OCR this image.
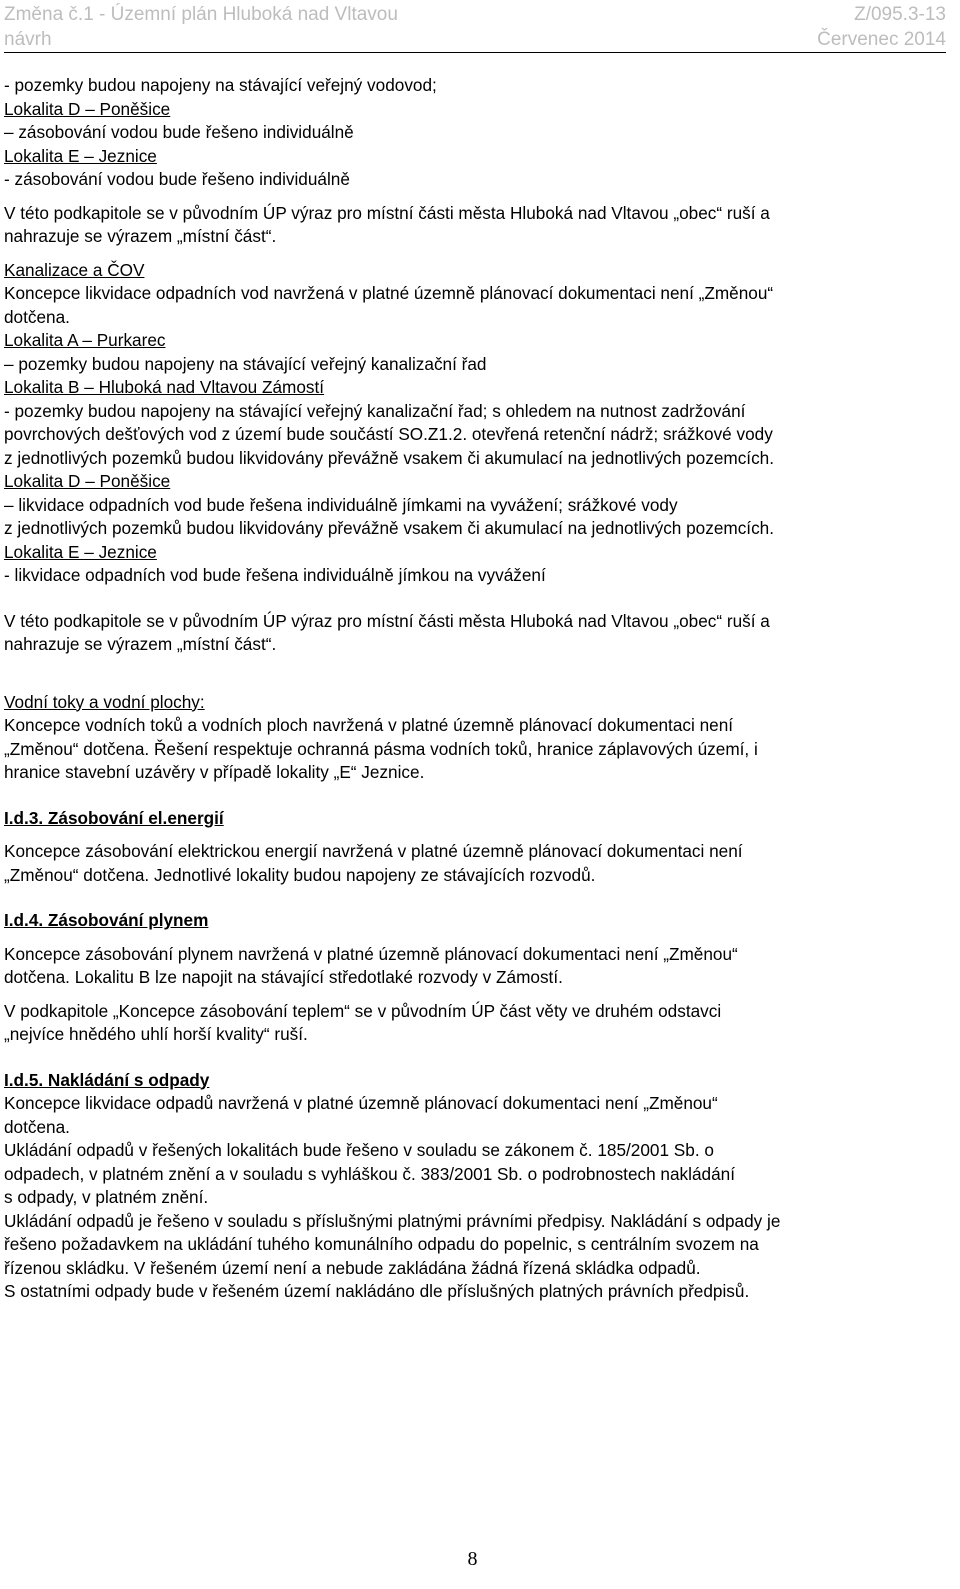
Změna č.1 - Územní plán Hluboká nad Vltavou
návrh
Z/095.3-13
Červenec 2014
- pozemky budou napojeny na stávající veřejný vodovod;
Lokalita D – Poněšice
– zásobování vodou bude řešeno individuálně
Lokalita E – Jeznice
- zásobování vodou bude řešeno individuálně
V této podkapitole se v původním ÚP výraz pro místní části města Hluboká nad Vltavou „obec“ ruší a
nahrazuje se výrazem „místní část“.
Kanalizace a ČOV
Koncepce likvidace odpadních vod navržená v platné územně plánovací dokumentaci není „Změnou“
dotčena.
Lokalita A – Purkarec
– pozemky budou napojeny na stávající veřejný kanalizační řad
Lokalita B – Hluboká nad Vltavou Zámostí
- pozemky budou napojeny na stávající veřejný kanalizační řad; s ohledem na nutnost zadržování
povrchových dešťových vod z území bude součástí SO.Z1.2. otevřená retenční nádrž; srážkové vody
z jednotlivých pozemků budou likvidovány převážně vsakem či akumulací na jednotlivých pozemcích.
Lokalita D – Poněšice
– likvidace odpadních vod bude řešena individuálně jímkami na vyvážení; srážkové vody
z jednotlivých pozemků budou likvidovány převážně vsakem či akumulací na jednotlivých pozemcích.
Lokalita E – Jeznice
- likvidace odpadních vod bude řešena individuálně jímkou na vyvážení
V této podkapitole se v původním ÚP výraz pro místní části města Hluboká nad Vltavou „obec“ ruší a
nahrazuje se výrazem „místní část“.
Vodní toky a vodní plochy:
Koncepce vodních toků a vodních ploch navržená v platné územně plánovací dokumentaci není
„Změnou“ dotčena. Řešení respektuje ochranná pásma vodních toků, hranice záplavových území, i
hranice stavební uzávěry v případě lokality „E“ Jeznice.
I.d.3. Zásobování el.energií
Koncepce zásobování elektrickou energií navržená v platné územně plánovací dokumentaci není
„Změnou“ dotčena. Jednotlivé lokality budou napojeny ze stávajících rozvodů.
I.d.4. Zásobování plynem
Koncepce zásobování plynem navržená v platné územně plánovací dokumentaci není „Změnou“
dotčena. Lokalitu B lze napojit na stávající středotlaké rozvody v Zámostí.
V podkapitole „Koncepce zásobování teplem“ se v původním ÚP část věty ve druhém odstavci
„nejvíce hnědého uhlí horší kvality“ ruší.
I.d.5. Nakládání s odpady
Koncepce likvidace odpadů navržená v platné územně plánovací dokumentaci není „Změnou“
dotčena.
Ukládání odpadů v řešených lokalitách bude řešeno v souladu se zákonem č. 185/2001 Sb. o
odpadech, v platném znění a v souladu s vyhláškou č. 383/2001 Sb. o podrobnostech nakládání
s odpady, v platném znění.
Ukládání odpadů je řešeno v souladu s příslušnými platnými právními předpisy. Nakládání s odpady je
řešeno požadavkem na ukládání tuhého komunálního odpadu do popelnic, s centrálním svozem na
řízenou skládku. V řešeném území není a nebude zakládána žádná řízená skládka odpadů.
S ostatními odpady bude v řešeném území nakládáno dle příslušných platných právních předpisů.
8
